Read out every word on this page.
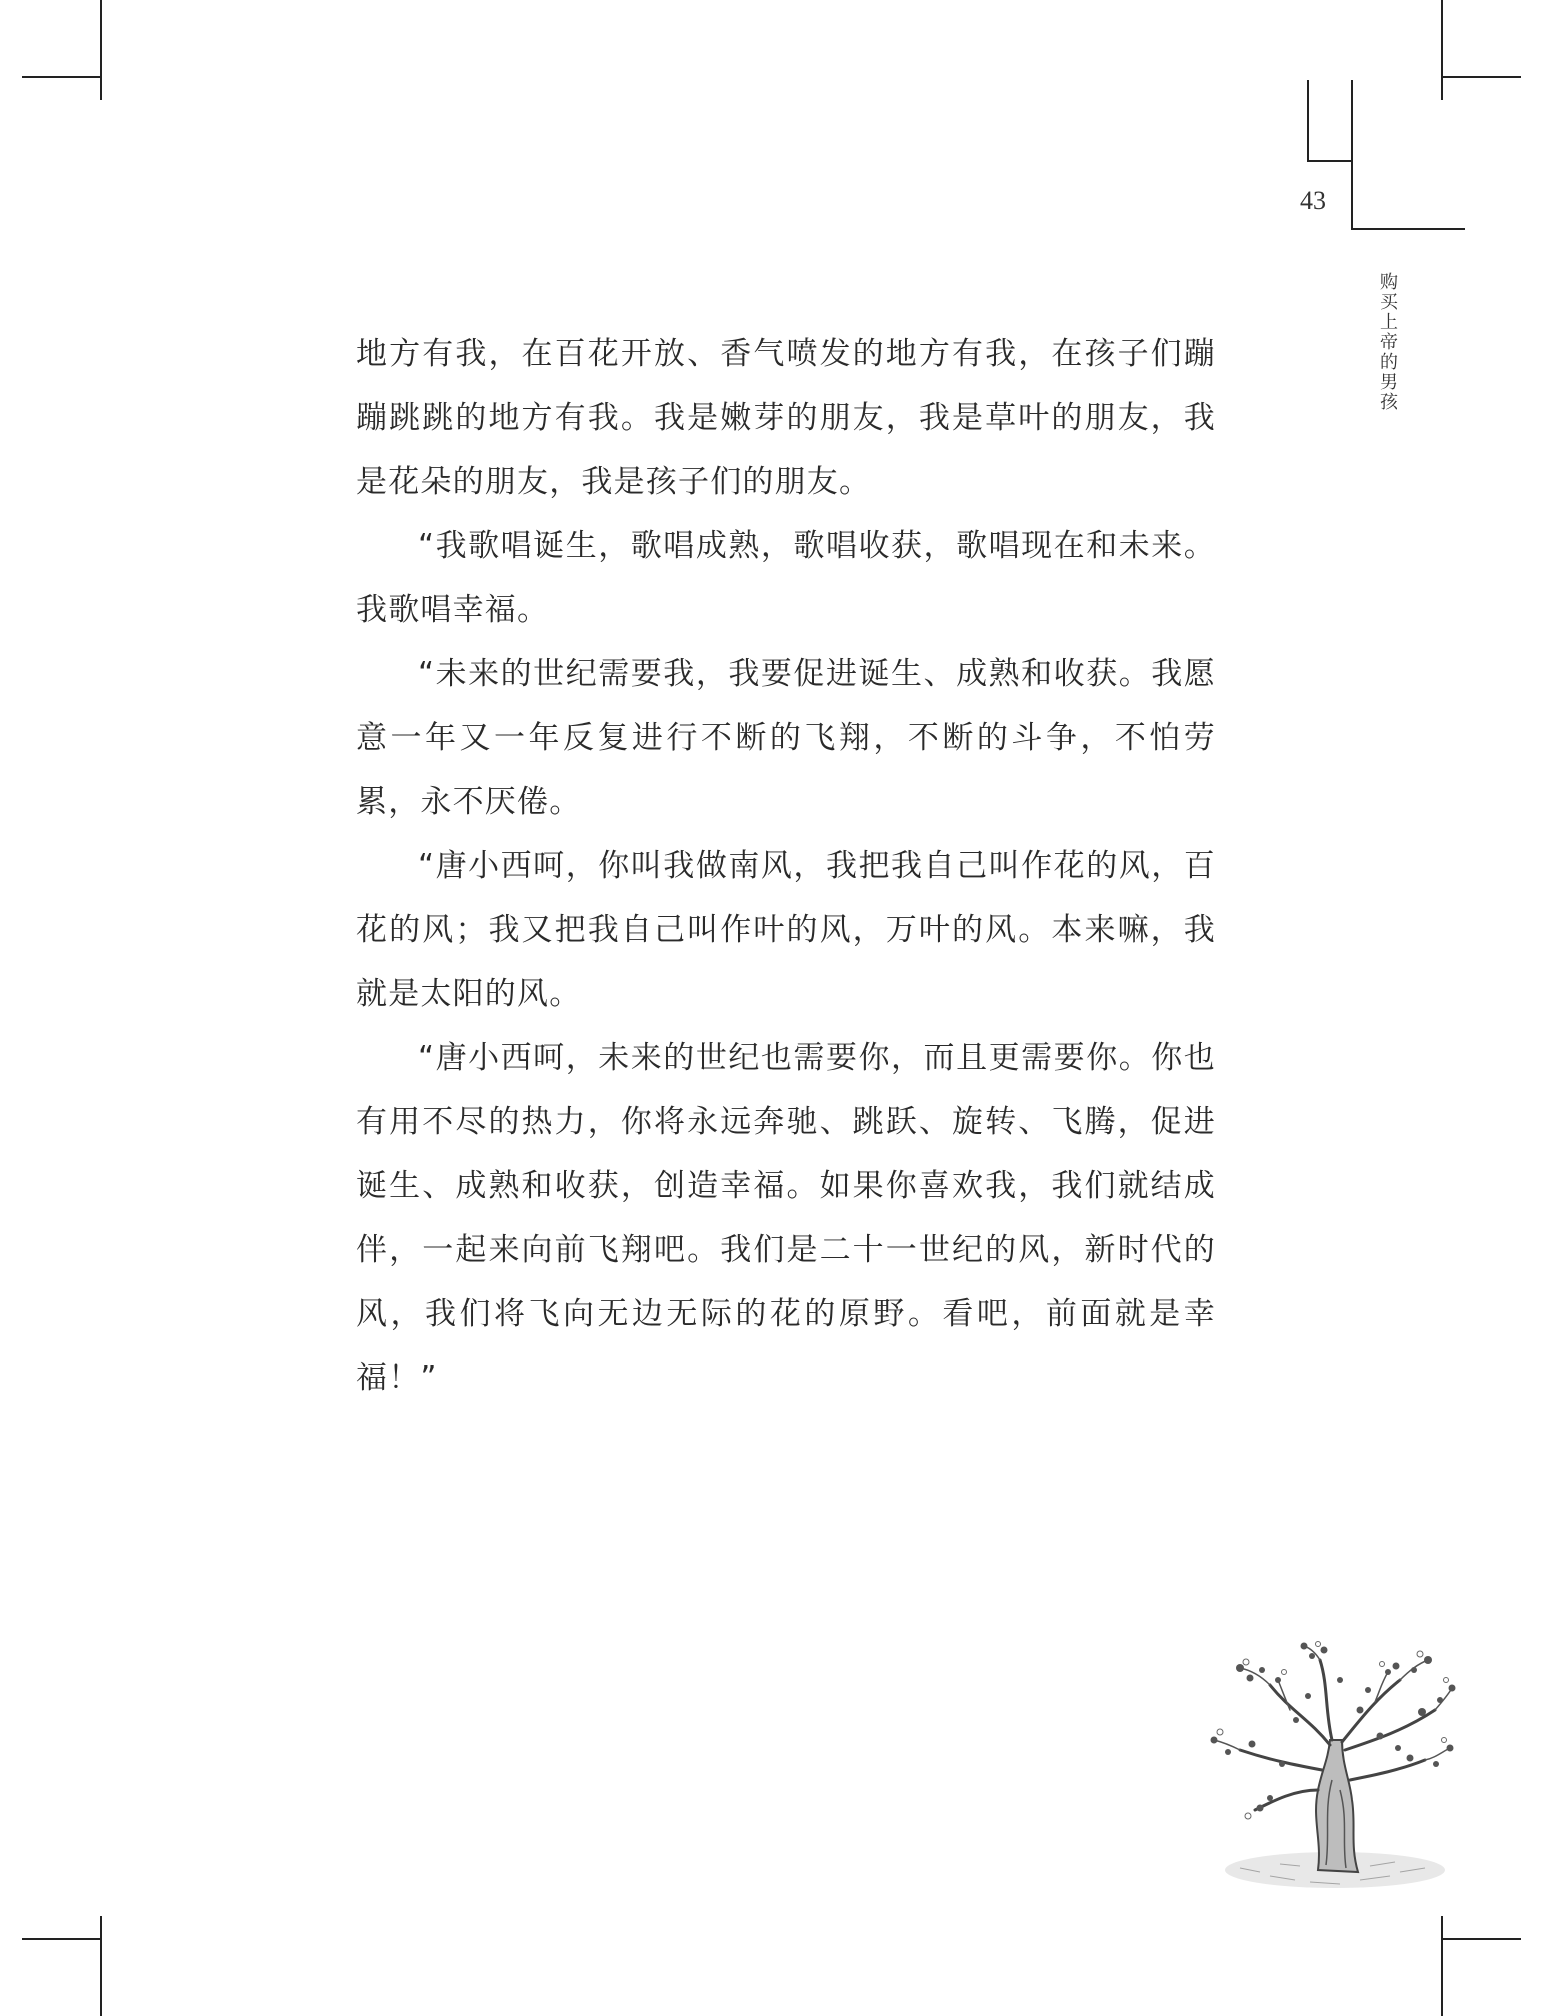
43
购买上帝的男孩

地方有我，在百花开放、香气喷发的地方有我，在孩子们蹦蹦跳跳的地方有我。我是嫩芽的朋友，我是草叶的朋友，我是花朵的朋友，我是孩子们的朋友。

“我歌唱诞生，歌唱成熟，歌唱收获，歌唱现在和未来。我歌唱幸福。

“未来的世纪需要我，我要促进诞生、成熟和收获。我愿意一年又一年反复进行不断的飞翔，不断的斗争，不怕劳累，永不厌倦。

“唐小西呵，你叫我做南风，我把我自己叫作花的风，百花的风；我又把我自己叫作叶的风，万叶的风。本来嘛，我就是太阳的风。

“唐小西呵，未来的世纪也需要你，而且更需要你。你也有用不尽的热力，你将永远奔驰、跳跃、旋转、飞腾，促进诞生、成熟和收获，创造幸福。如果你喜欢我，我们就结成伴，一起来向前飞翔吧。我们是二十一世纪的风，新时代的风，我们将飞向无边无际的花的原野。看吧，前面就是幸福！”
